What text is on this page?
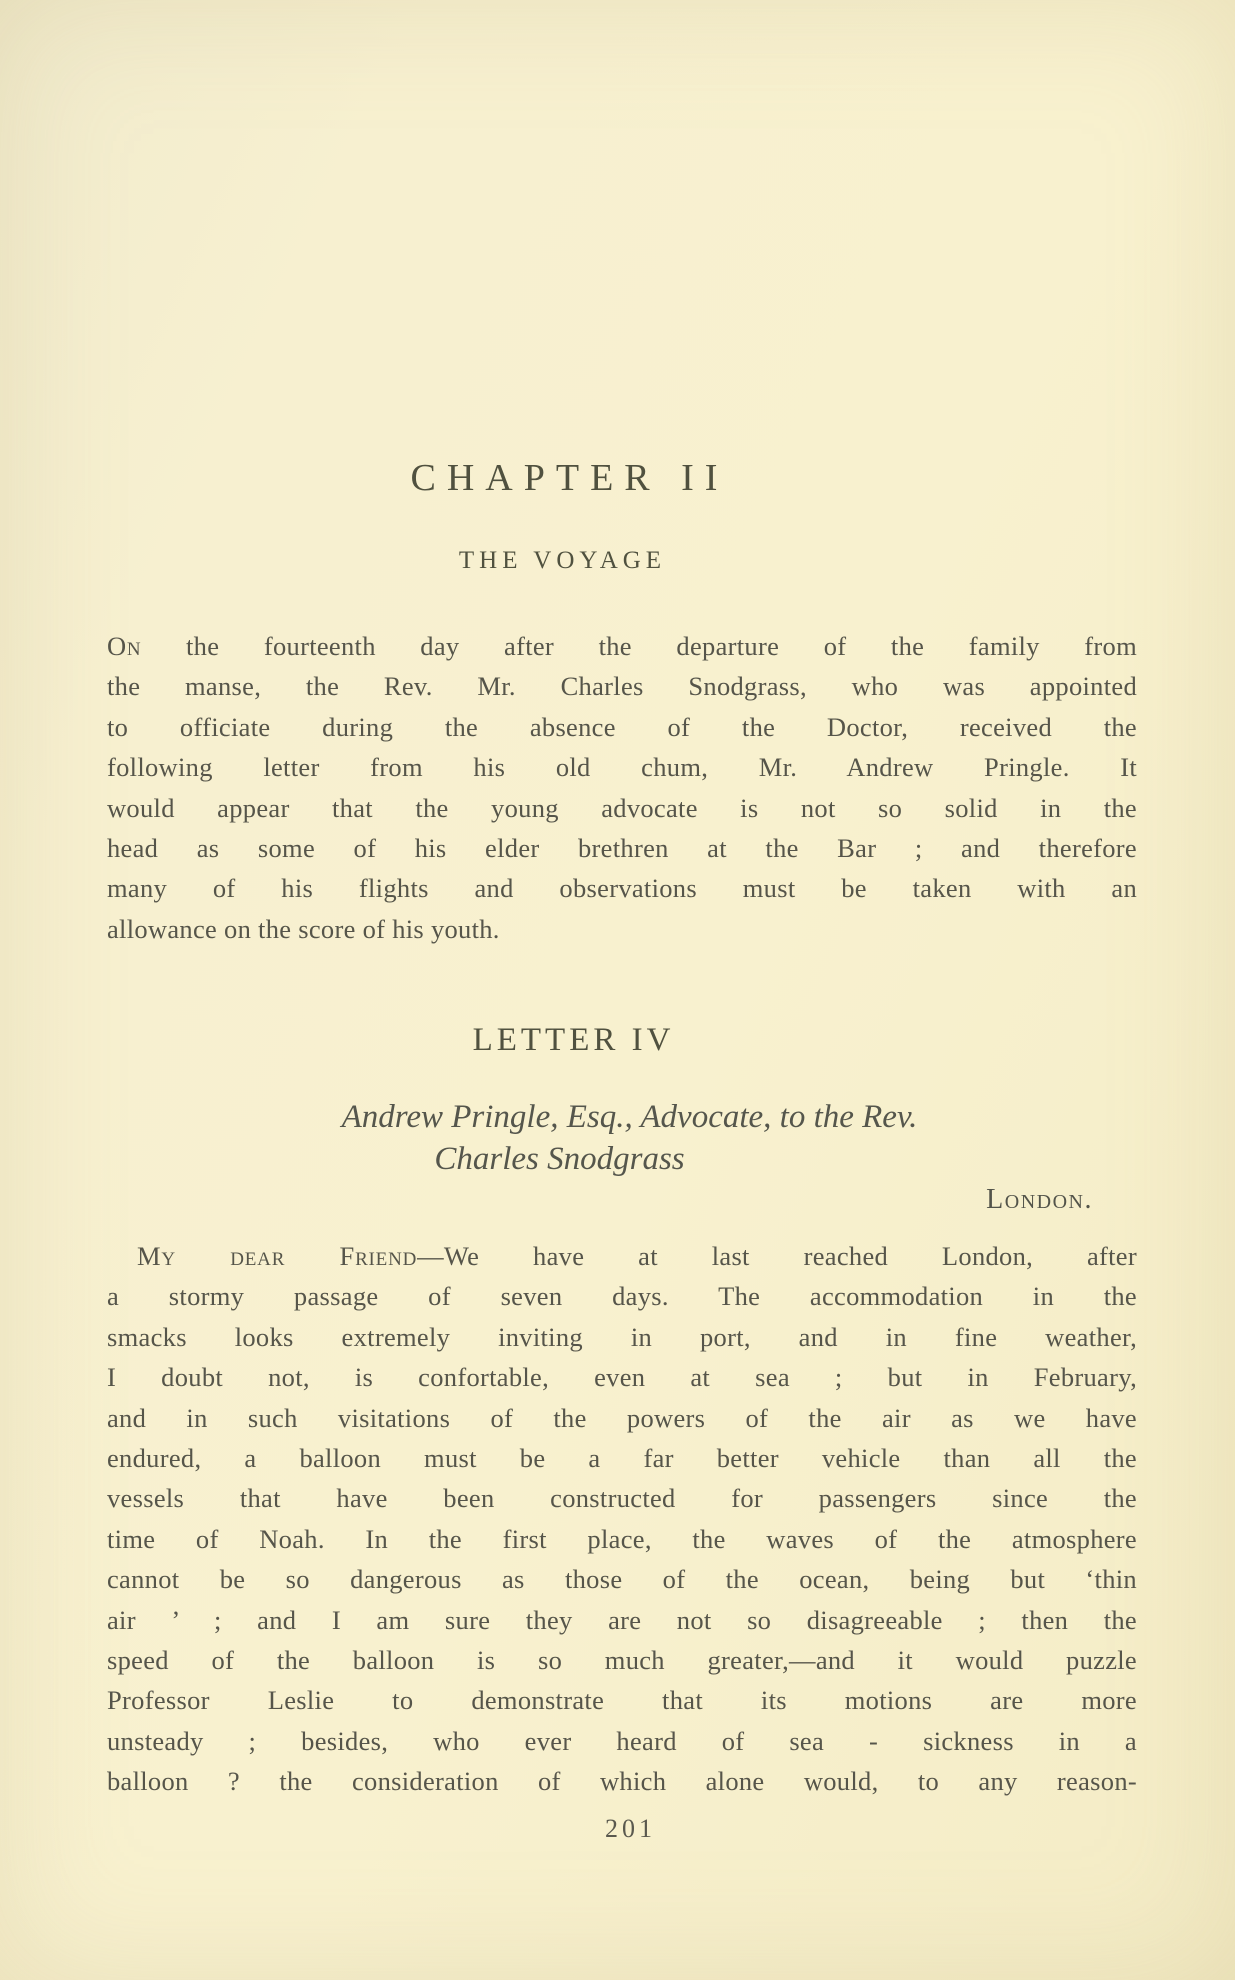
CHAPTER II
THE VOYAGE
On the fourteenth day after the departure of the family from
the manse, the Rev. Mr. Charles Snodgrass, who was appointed
to officiate during the absence of the Doctor, received the
following letter from his old chum, Mr. Andrew Pringle. It
would appear that the young advocate is not so solid in the
head as some of his elder brethren at the Bar ; and therefore
many of his flights and observations must be taken with an
allowance on the score of his youth.
LETTER IV
Andrew Pringle, Esq., Advocate, to the Rev.
Charles Snodgrass
London.
My dear Friend—We have at last reached London, after
a stormy passage of seven days. The accommodation in the
smacks looks extremely inviting in port, and in fine weather,
I doubt not, is confortable, even at sea ; but in February,
and in such visitations of the powers of the air as we have
endured, a balloon must be a far better vehicle than all the
vessels that have been constructed for passengers since the
time of Noah. In the first place, the waves of the atmosphere
cannot be so dangerous as those of the ocean, being but ‘thin
air ’ ; and I am sure they are not so disagreeable ; then the
speed of the balloon is so much greater,—and it would puzzle
Professor Leslie to demonstrate that its motions are more
unsteady ; besides, who ever heard of sea - sickness in a
balloon ? the consideration of which alone would, to any reason-
201
